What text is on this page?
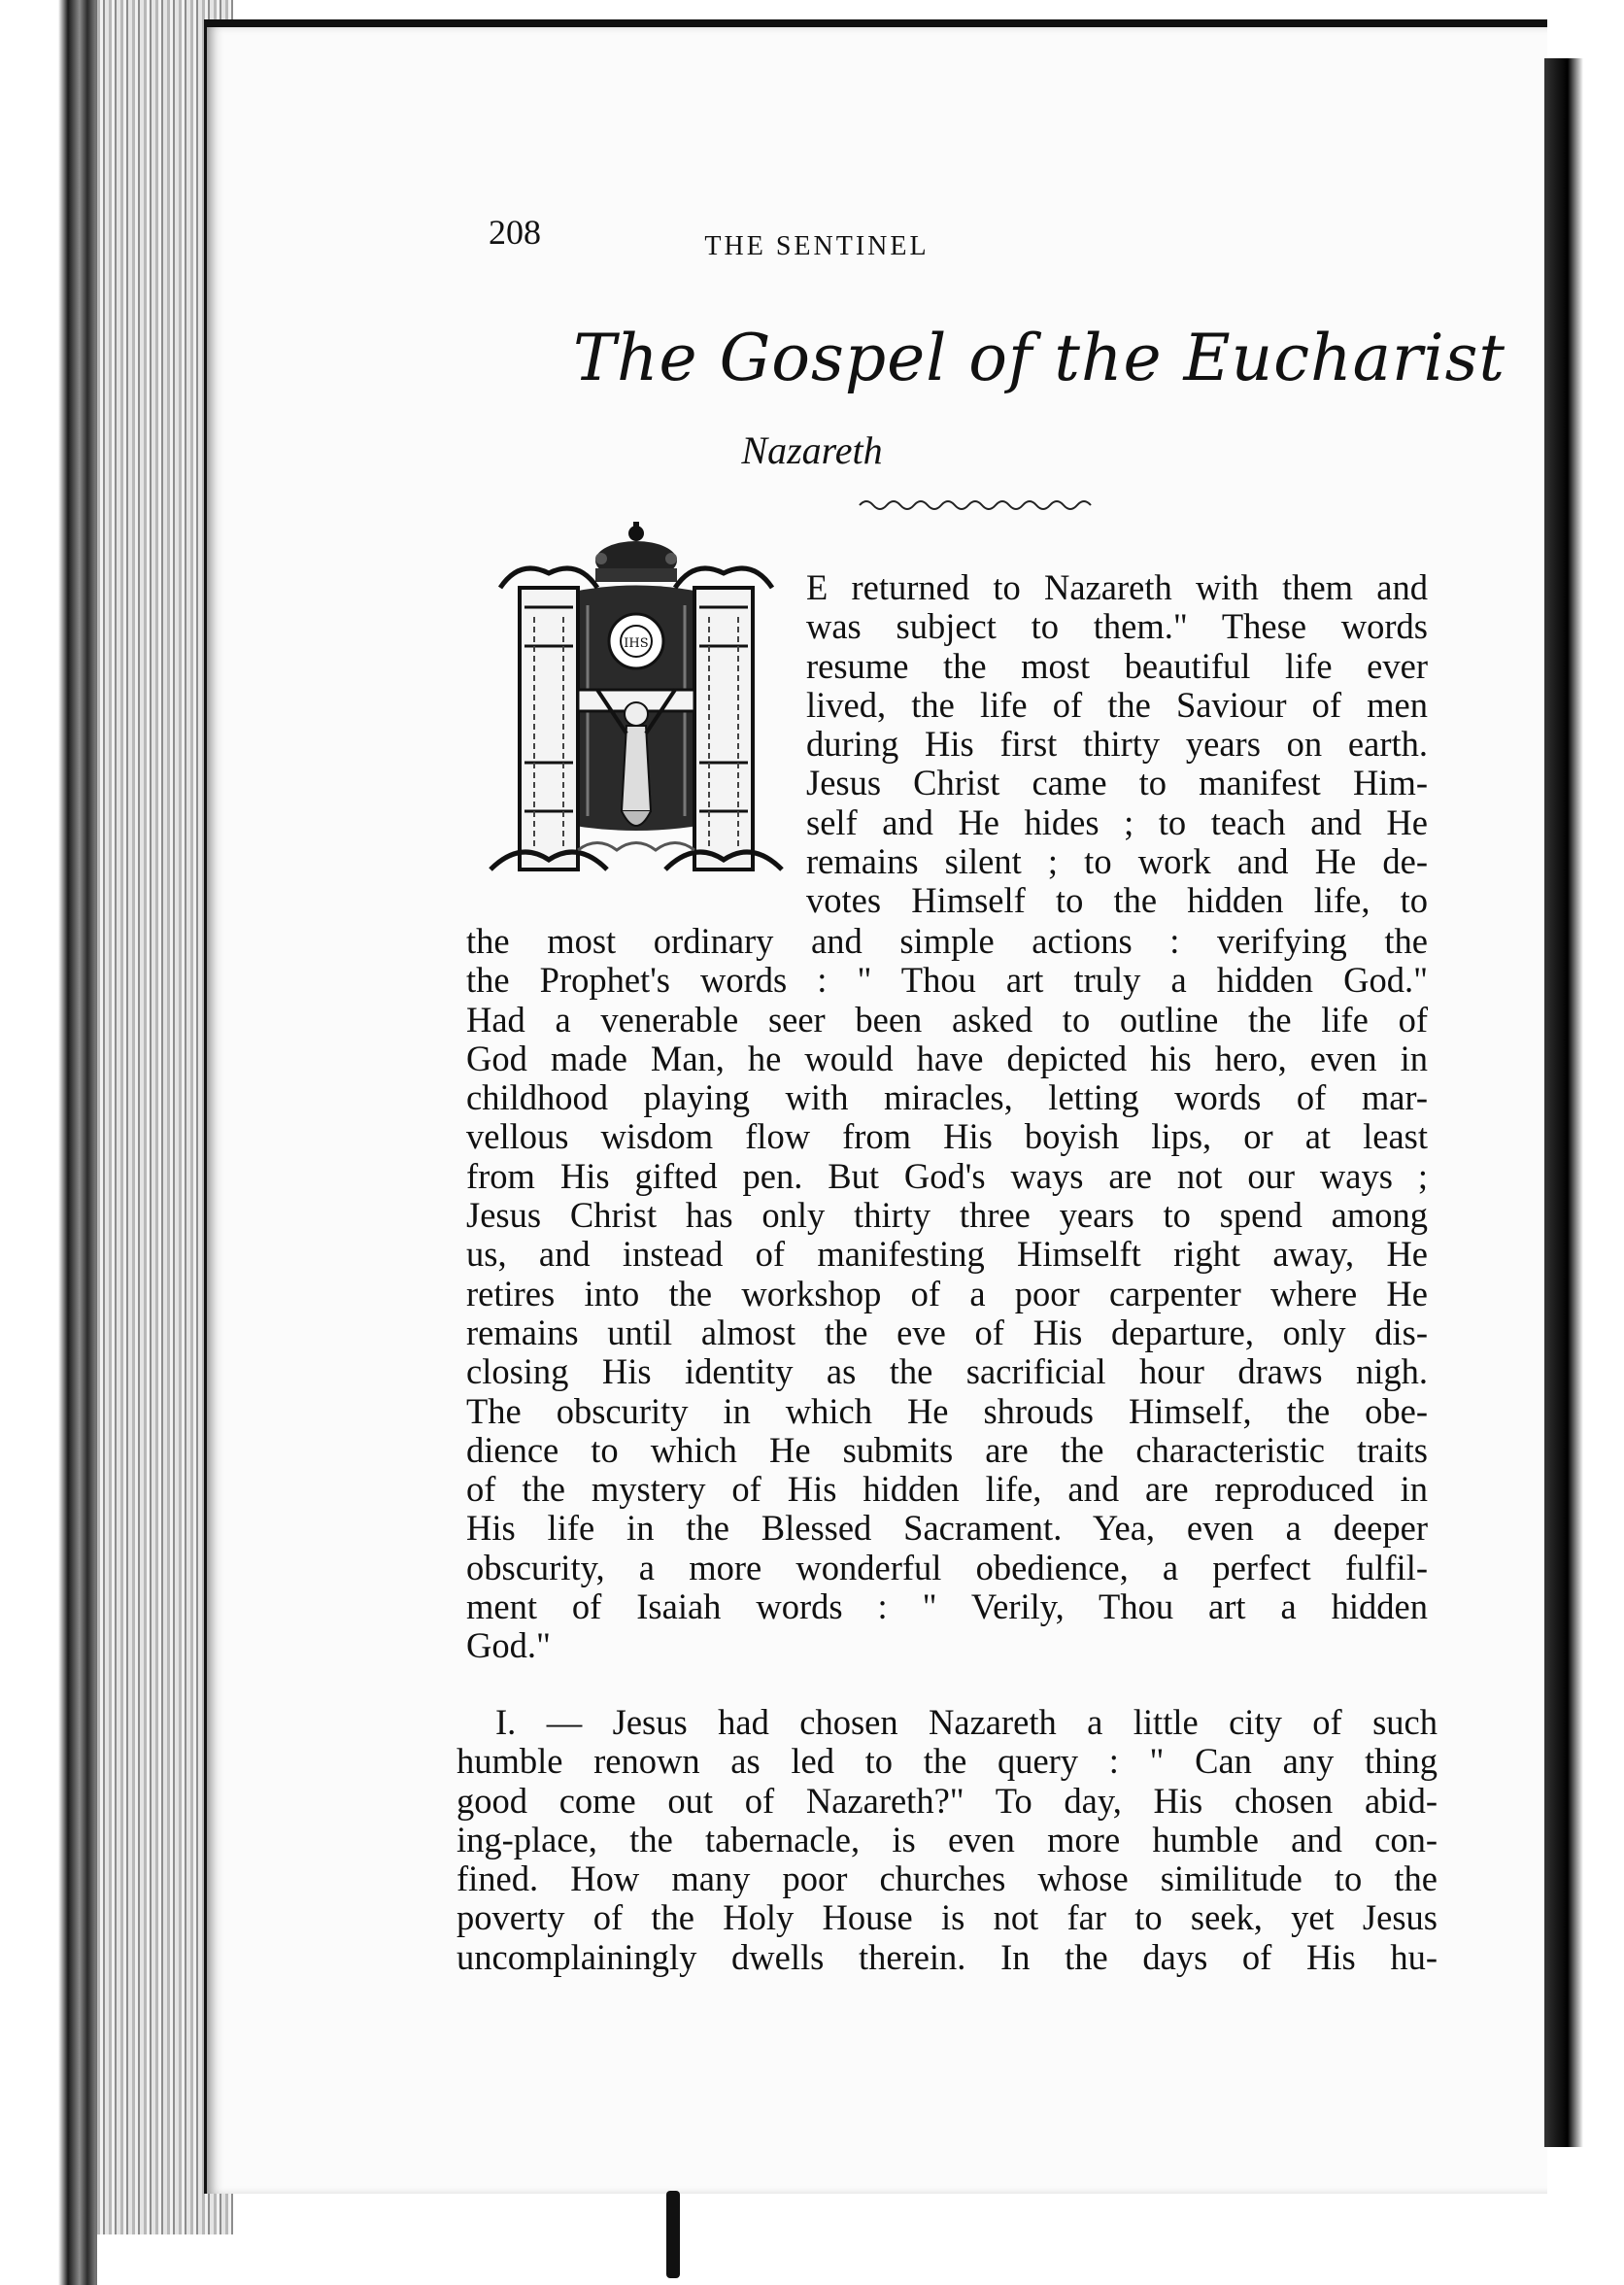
208	THE SENTINEL
The Gospel of the Eucharist
Nazareth
IHS
E returned to Nazareth with them and
was subject to them." These words
resume the most beautiful life ever
lived, the life of the Saviour of men
during His first thirty years on earth.
Jesus Christ came to manifest Him-
self and He hides ; to teach and He
remains silent ; to work and He de-
votes Himself to the hidden life, to
the most ordinary and simple actions : verifying the
the Prophet's words : " Thou art truly a hidden God."
Had a venerable seer been asked to outline the life of
God made Man, he would have depicted his hero, even in
childhood playing with miracles, letting words of mar-
vellous wisdom flow from His boyish lips, or at least
from His gifted pen. But God's ways are not our ways ;
Jesus Christ has only thirty three years to spend among
us, and instead of manifesting Himselft right away, He
retires into the workshop of a poor carpenter where He
remains until almost the eve of His departure, only dis-
closing His identity as the sacrificial hour draws nigh.
The obscurity in which He shrouds Himself, the obe-
dience to which He submits are the characteristic traits
of the mystery of His hidden life, and are reproduced in
His life in the Blessed Sacrament. Yea, even a deeper
obscurity, a more wonderful obedience, a perfect fulfil-
ment of Isaiah words : " Verily, Thou art a hidden
God."
I. — Jesus had chosen Nazareth a little city of such
humble renown as led to the query : " Can any thing
good come out of Nazareth?" To day, His chosen abid-
ing-place, the tabernacle, is even more humble and con-
fined. How many poor churches whose similitude to the
poverty of the Holy House is not far to seek, yet Jesus
uncomplainingly dwells therein. In the days of His hu-
